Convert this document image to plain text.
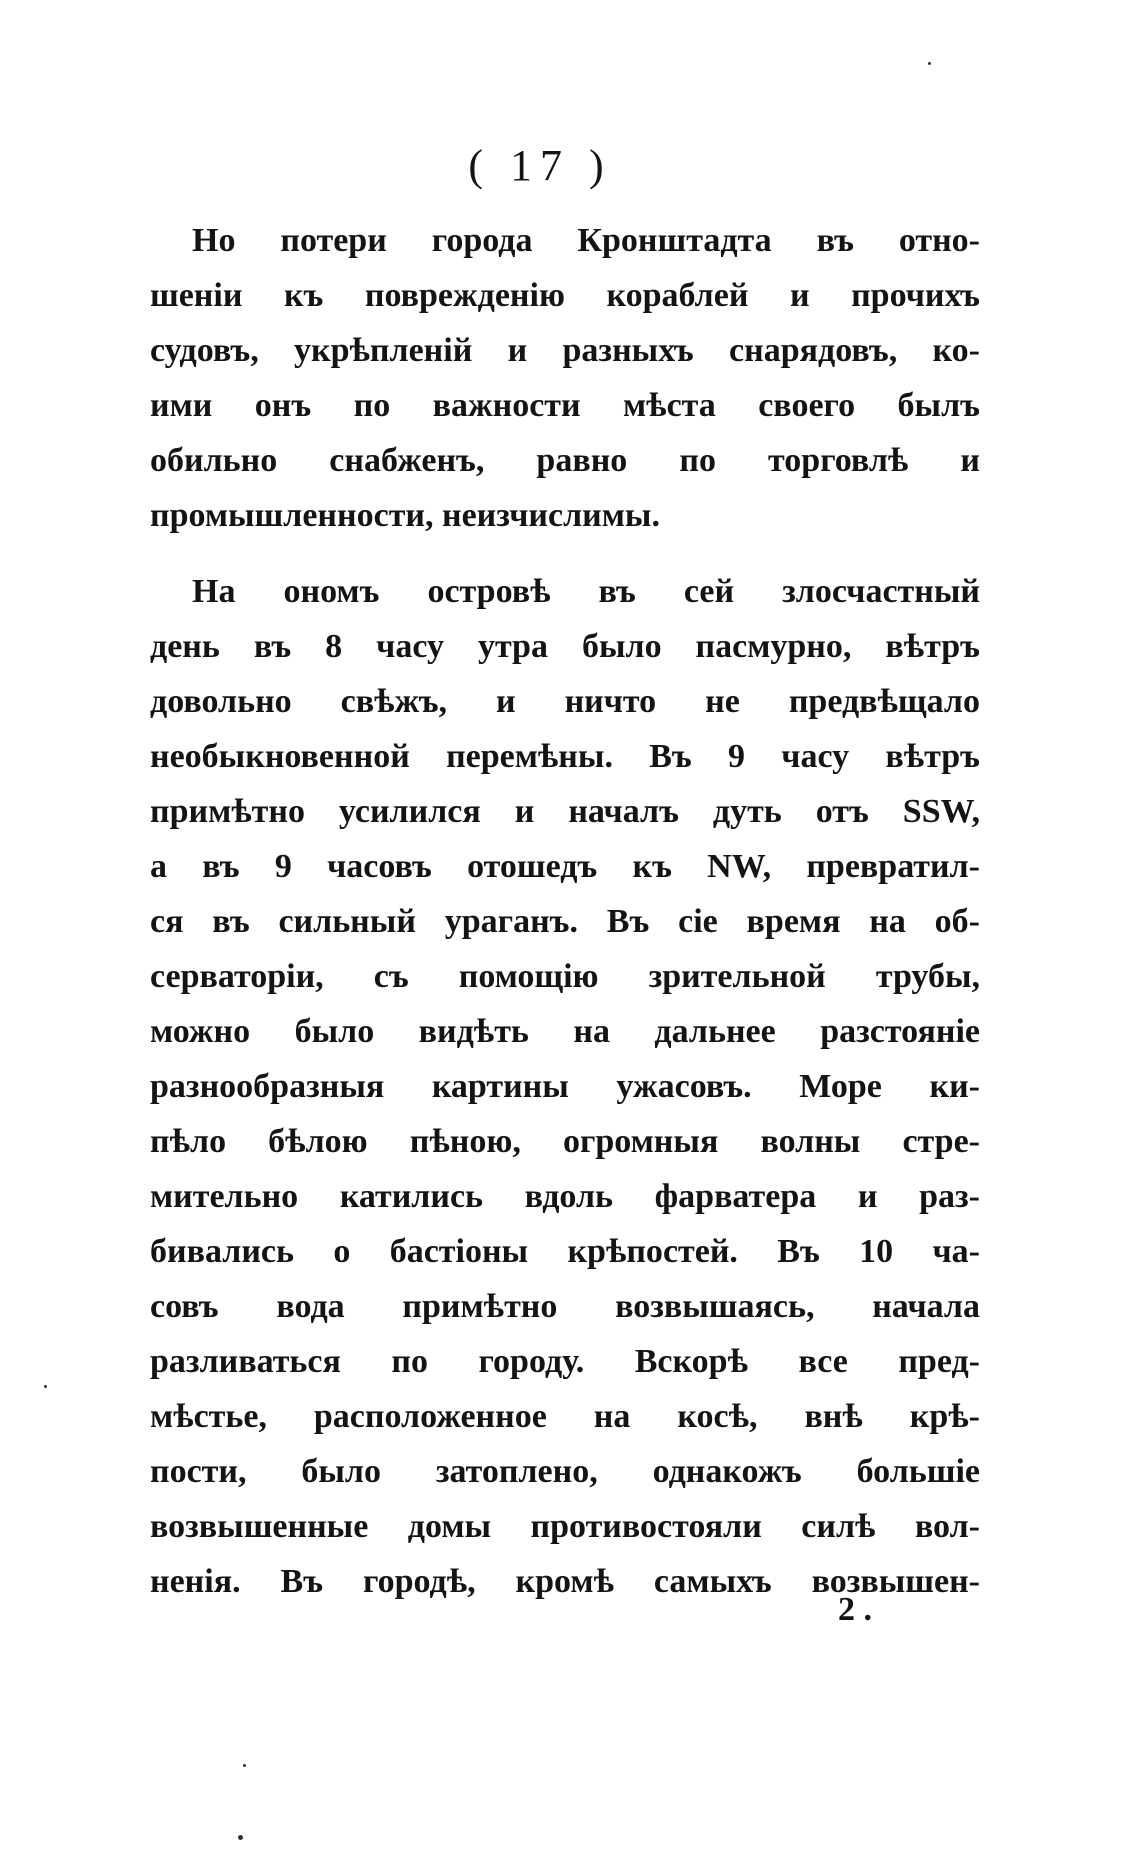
( 17 )
Но потери города Кронштадта въ отно-
шеніи къ поврежденію кораблей и прочихъ
судовъ, укрѣпленій и разныхъ снарядовъ, ко-
ими онъ по важности мѣста своего былъ
обильно снабженъ, равно по торговлѣ и
промышленности, неизчислимы.
На ономъ островѣ въ сей злосчастный
день въ 8 часу утра было пасмурно, вѣтръ
довольно свѣжъ, и ничто не предвѣщало
необыкновенной перемѣны. Въ 9 часу вѣтръ
примѣтно усилился и началъ дуть отъ SSW,
а въ 9 часовъ отошедъ къ NW, превратил-
ся въ сильный ураганъ. Въ сіе время на об-
серваторіи, съ помощію зрительной трубы,
можно было видѣть на дальнее разстояніе
разнообразныя картины ужасовъ. Море ки-
пѣло бѣлою пѣною, огромныя волны стре-
мительно катились вдоль фарватера и раз-
бивались о бастіоны крѣпостей. Въ 10 ча-
совъ вода примѣтно возвышаясь, начала
разливаться по городу. Вскорѣ все пред-
мѣстье, расположенное на косѣ, внѣ крѣ-
пости, было затоплено, однакожъ большіе
возвышенные домы противостояли силѣ вол-
ненія. Въ городѣ, кромѣ самыхъ возвышен-
2 .
